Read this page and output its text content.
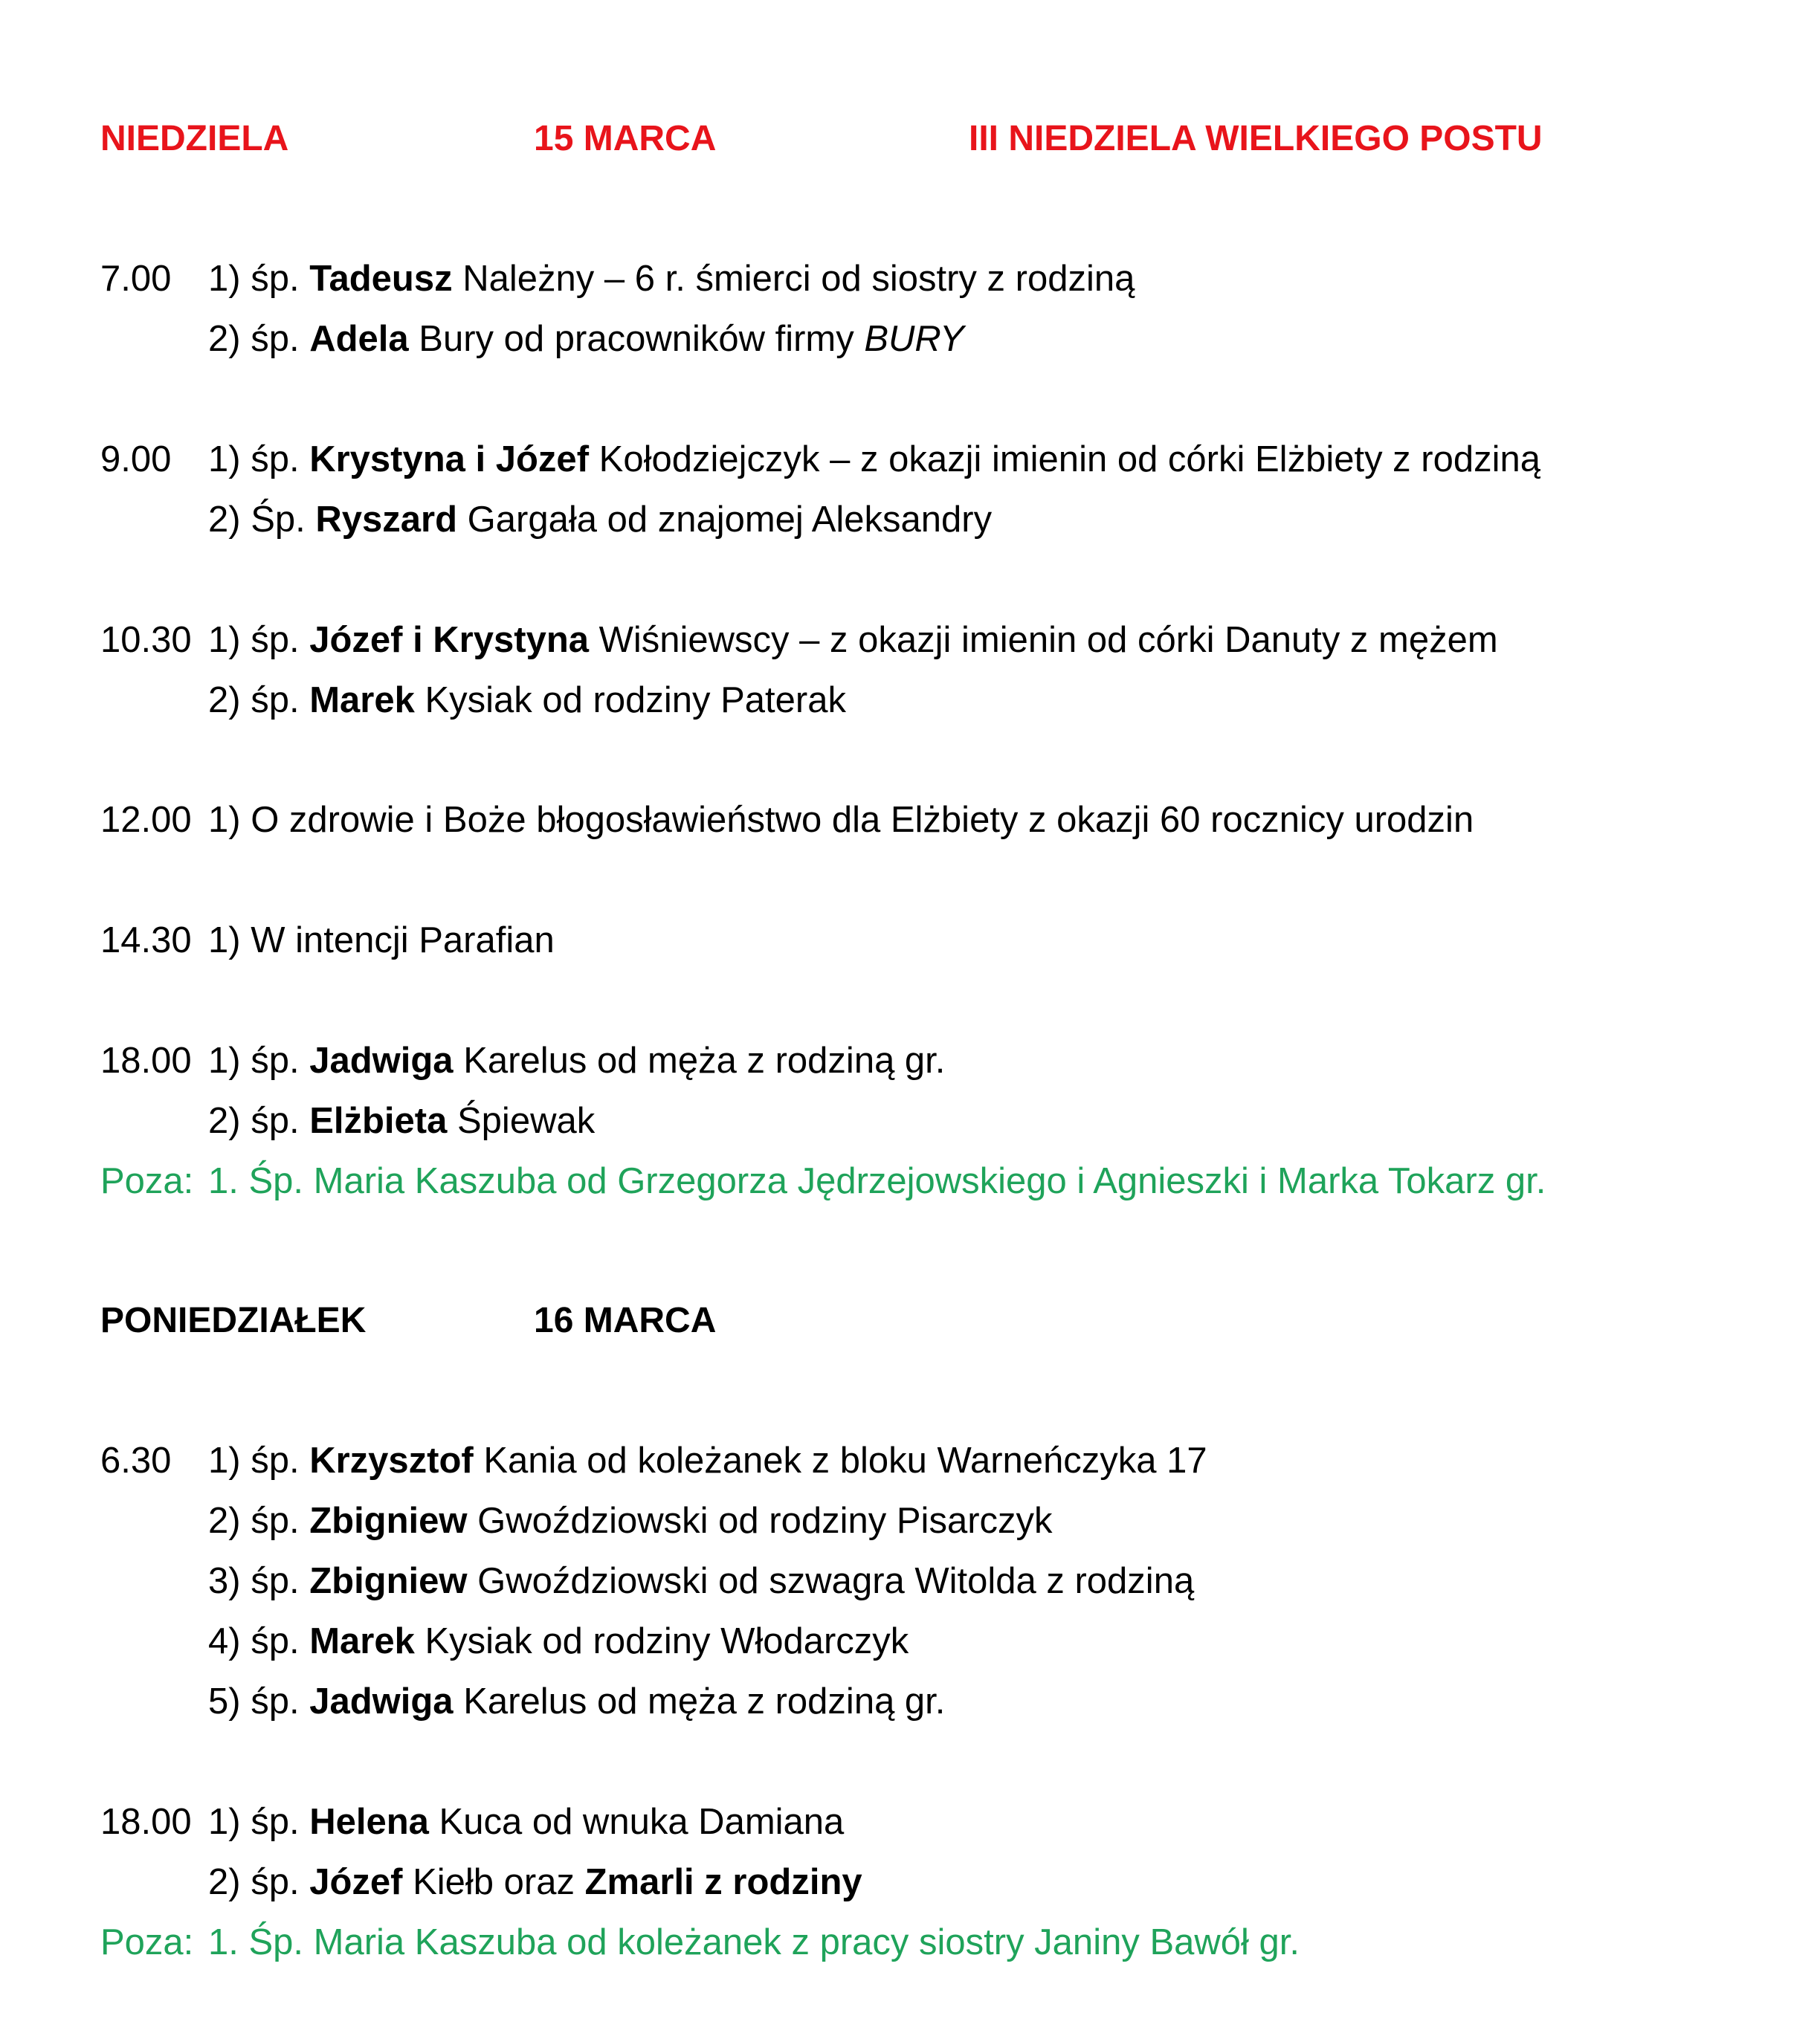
NIEDZIELA	15 MARCA	III NIEDZIELA WIELKIEGO POSTU
7.00 1) śp. Tadeusz Należny – 6 r. śmierci od siostry z rodziną
2) śp. Adela Bury od pracowników firmy BURY
9.00 1) śp. Krystyna i Józef Kołodziejczyk – z okazji imienin od córki Elżbiety z rodziną
2) Śp. Ryszard Gargała od znajomej Aleksandry
10.30 1) śp. Józef i Krystyna Wiśniewscy – z okazji imienin od córki Danuty z mężem
2) śp. Marek Kysiak od rodziny Paterak
12.00 1) O zdrowie i Boże błogosławieństwo dla Elżbiety z okazji 60 rocznicy urodzin
14.30 1) W intencji Parafian
18.00 1) śp. Jadwiga Karelus od męża z rodziną gr.
2) śp. Elżbieta Śpiewak
Poza: 1. Śp. Maria Kaszuba od Grzegorza Jędrzejowskiego i Agnieszki i Marka Tokarz gr.
PONIEDZIAŁEK	16 MARCA
6.30 1) śp. Krzysztof Kania od koleżanek z bloku Warneńczyka 17
2) śp. Zbigniew Gwoździowski od rodziny Pisarczyk
3) śp. Zbigniew Gwoździowski od szwagra Witolda z rodziną
4) śp. Marek Kysiak od rodziny Włodarczyk
5) śp. Jadwiga Karelus od męża z rodziną gr.
18.00 1) śp. Helena Kuca od wnuka Damiana
2) śp. Józef Kiełb oraz Zmarli z rodziny
Poza: 1. Śp. Maria Kaszuba od koleżanek z pracy siostry Janiny Bawół gr.
